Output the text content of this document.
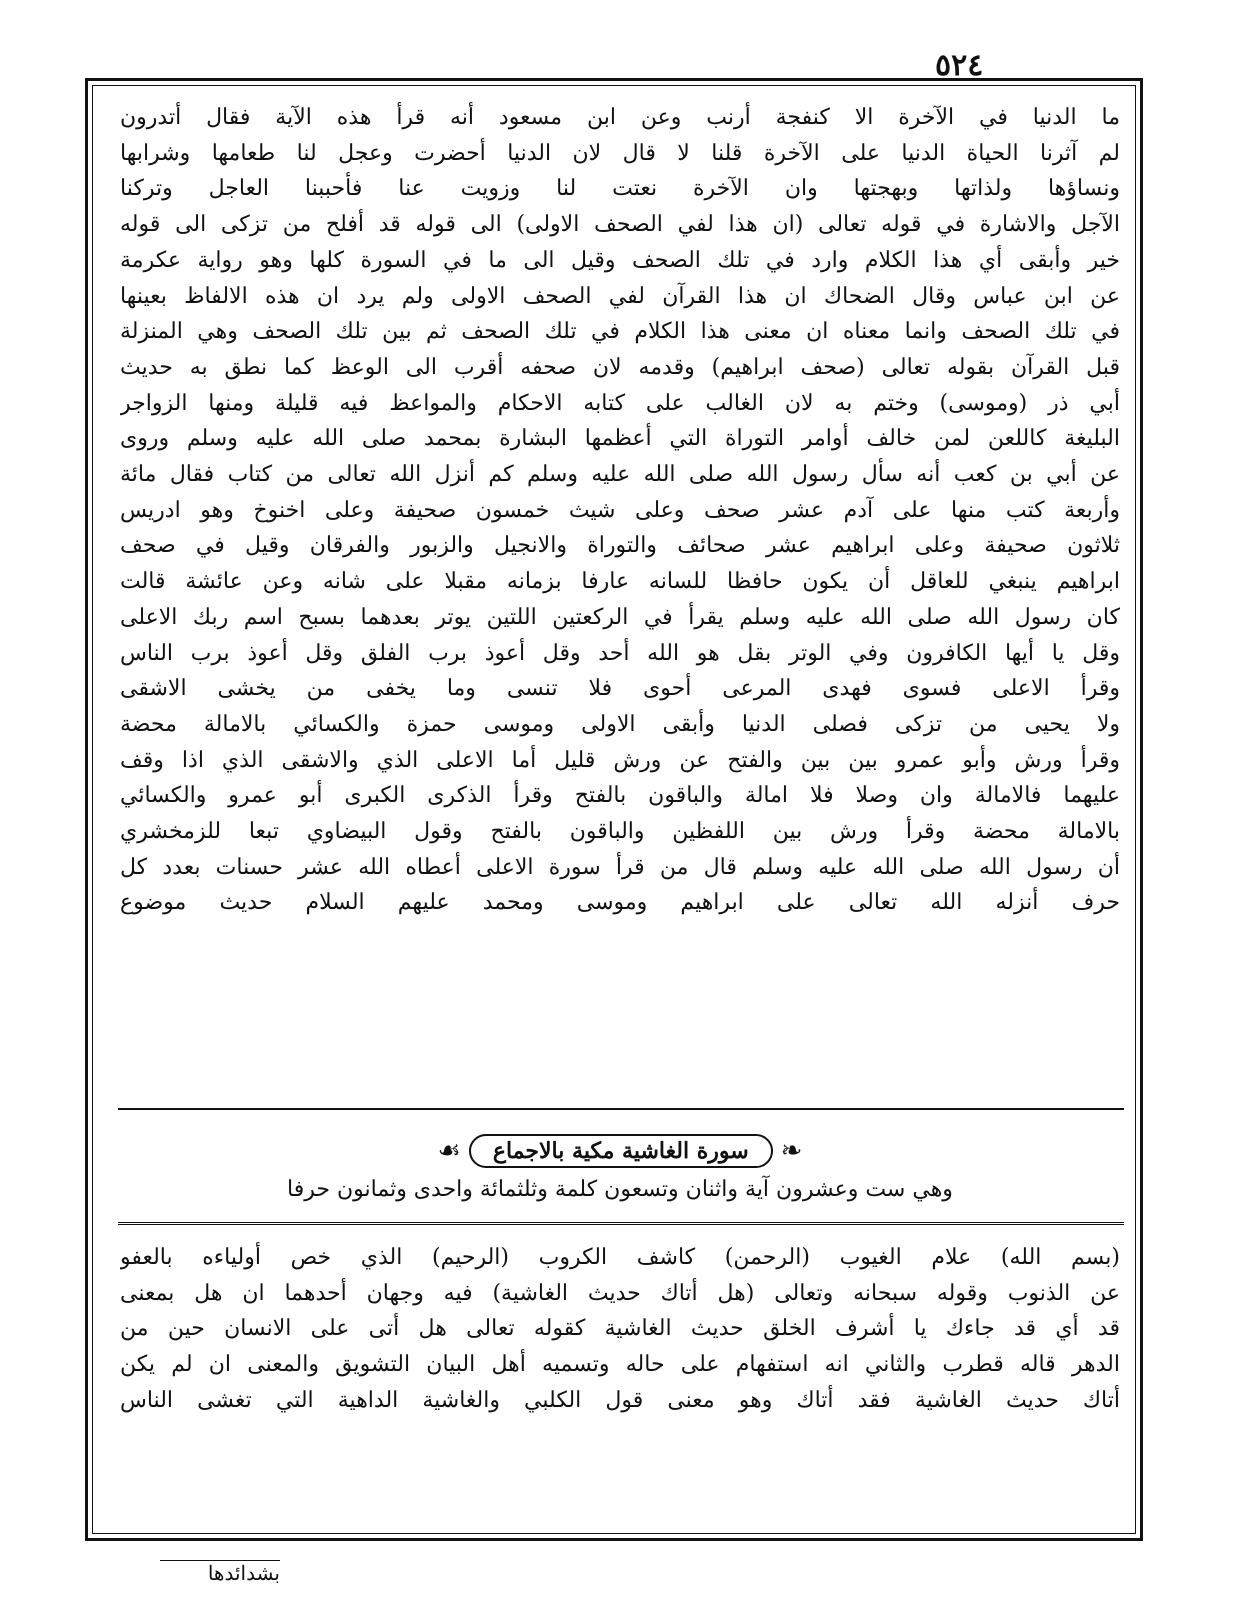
٥٢٤
ما الدنيا في الآخرة الا كنفجة أرنب وعن ابن مسعود أنه قرأ هذه الآية فقال أتدرون
لم آثرنا الحياة الدنيا على الآخرة قلنا لا قال لان الدنيا أحضرت وعجل لنا طعامها وشرابها
ونساؤها ولذاتها وبهجتها وان الآخرة نعتت لنا وزويت عنا فأحببنا العاجل وتركنا
الآجل والاشارة في قوله تعالى (ان هذا لفي الصحف الاولى) الى قوله قد أفلح من تزكى الى قوله
خير وأبقى أي هذا الكلام وارد في تلك الصحف وقيل الى ما في السورة كلها وهو رواية عكرمة
عن ابن عباس وقال الضحاك ان هذا القرآن لفي الصحف الاولى ولم يرد ان هذه الالفاظ بعينها
في تلك الصحف وانما معناه ان معنى هذا الكلام في تلك الصحف ثم بين تلك الصحف وهي المنزلة
قبل القرآن بقوله تعالى (صحف ابراهيم) وقدمه لان صحفه أقرب الى الوعظ كما نطق به حديث
أبي ذر (وموسى) وختم به لان الغالب على كتابه الاحكام والمواعظ فيه قليلة ومنها الزواجر
البليغة كاللعن لمن خالف أوامر التوراة التي أعظمها البشارة بمحمد صلى الله عليه وسلم وروى
عن أبي بن كعب أنه سأل رسول الله صلى الله عليه وسلم كم أنزل الله تعالى من كتاب فقال مائة
وأربعة كتب منها على آدم عشر صحف وعلى شيث خمسون صحيفة وعلى اخنوخ وهو ادريس
ثلاثون صحيفة وعلى ابراهيم عشر صحائف والتوراة والانجيل والزبور والفرقان وقيل في صحف
ابراهيم ينبغي للعاقل أن يكون حافظا للسانه عارفا بزمانه مقبلا على شانه وعن عائشة قالت
كان رسول الله صلى الله عليه وسلم يقرأ في الركعتين اللتين يوتر بعدهما بسبح اسم ربك الاعلى
وقل يا أيها الكافرون وفي الوتر بقل هو الله أحد وقل أعوذ برب الفلق وقل أعوذ برب الناس
وقرأ الاعلى فسوى فهدى المرعى أحوى فلا تنسى وما يخفى من يخشى الاشقى
ولا يحيى من تزكى فصلى الدنيا وأبقى الاولى وموسى حمزة والكسائي بالامالة محضة
وقرأ ورش وأبو عمرو بين بين والفتح عن ورش قليل أما الاعلى الذي والاشقى الذي اذا وقف
عليهما فالامالة وان وصلا فلا امالة والباقون بالفتح وقرأ الذكرى الكبرى أبو عمرو والكسائي
بالامالة محضة وقرأ ورش بين اللفظين والباقون بالفتح وقول البيضاوي تبعا للزمخشري
أن رسول الله صلى الله عليه وسلم قال من قرأ سورة الاعلى أعطاه الله عشر حسنات بعدد كل
حرف أنزله الله تعالى على ابراهيم وموسى ومحمد عليهم السلام حديث موضوع
❧
سورة الغاشية مكية بالاجماع
☙
وهي ست وعشرون آية واثنان وتسعون كلمة وثلثمائة واحدى وثمانون حرفا
(بسم الله) علام الغيوب (الرحمن) كاشف الكروب (الرحيم) الذي خص أولياءه بالعفو
عن الذنوب وقوله سبحانه وتعالى (هل أتاك حديث الغاشية) فيه وجهان أحدهما ان هل بمعنى
قد أي قد جاءك يا أشرف الخلق حديث الغاشية كقوله تعالى هل أتى على الانسان حين من
الدهر قاله قطرب والثاني انه استفهام على حاله وتسميه أهل البيان التشويق والمعنى ان لم يكن
أتاك حديث الغاشية فقد أتاك وهو معنى قول الكلبي والغاشية الداهية التي تغشى الناس
بشدائدها
